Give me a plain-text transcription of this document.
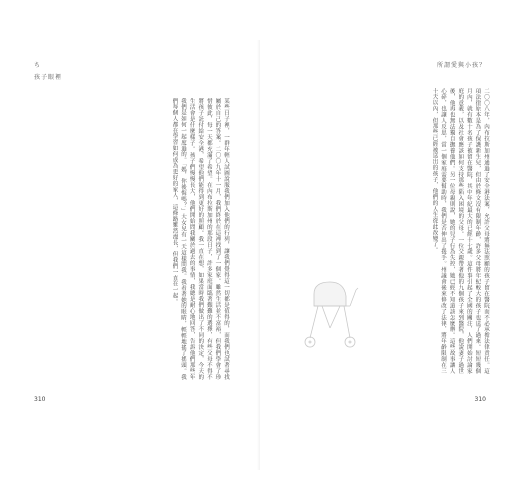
ち
孩子眼裡
某些日子裡，一群年輕人試圖說服我們加入他們的行列，讓我們覺得這一切都是值得的，而我們也試著尋找屬於自己的答案。二〇〇九年十一月，我們終於在這裡找到了一個家。雖然生活並不富裕，但我們學會了珍惜彼此，每一天都充滿了希望。在內布拉斯加州的那段日子，許多家庭面臨著艱難的選擇，有些父母不得不將孩子託付給安全港，希望他們能得到更好的照顧。我一直在想，如果當時我們做出了不同的決定，今天的生活會是什麼樣子。孩子們慢慢長大，他們開始問我關於過去的事情，我總是耐心地回答，告訴他們那些年我們是如何一起度過的。「媽，你後悔嗎？」大女兒有一天這樣問我。我看著她的眼睛，輕輕地搖了搖頭。我們每個人都在學習如何成為更好的家人，這條路雖然漫長，但我們一直在一起。
310
所謂愛與小孩？
310
二〇〇八年，內布拉斯加州通過了安全港法案，允許父母將無法照顧的孩子留在醫院而不必承擔法律責任。這項法律原本是為了保護新生兒，但由於條文沒有限制年齡，許多父母將年紀較大的孩子也送了過來。短短幾個月內，就有數十名孩子被留在醫院，其中年紀最大的已經十七歲。這件事引起了全國的關注，人們開始討論家庭的意義，以及社會應該如何支持那些陷入困境的父母。一位父親帶著他的九個孩子來到醫院，他說妻子過世後，他再也無法獨自撫養他們。另一位母親則說，她的兒子行為失控，她已經不知道該怎麼辦。這些故事讓人心碎，也讓人反思，當一個家庭需要幫助時，我們是否伸出了援手。州議會後來修改了法律，將年齡限制在三十天以內，但那些已經被送出的孩子，他們的人生從此改變了。
